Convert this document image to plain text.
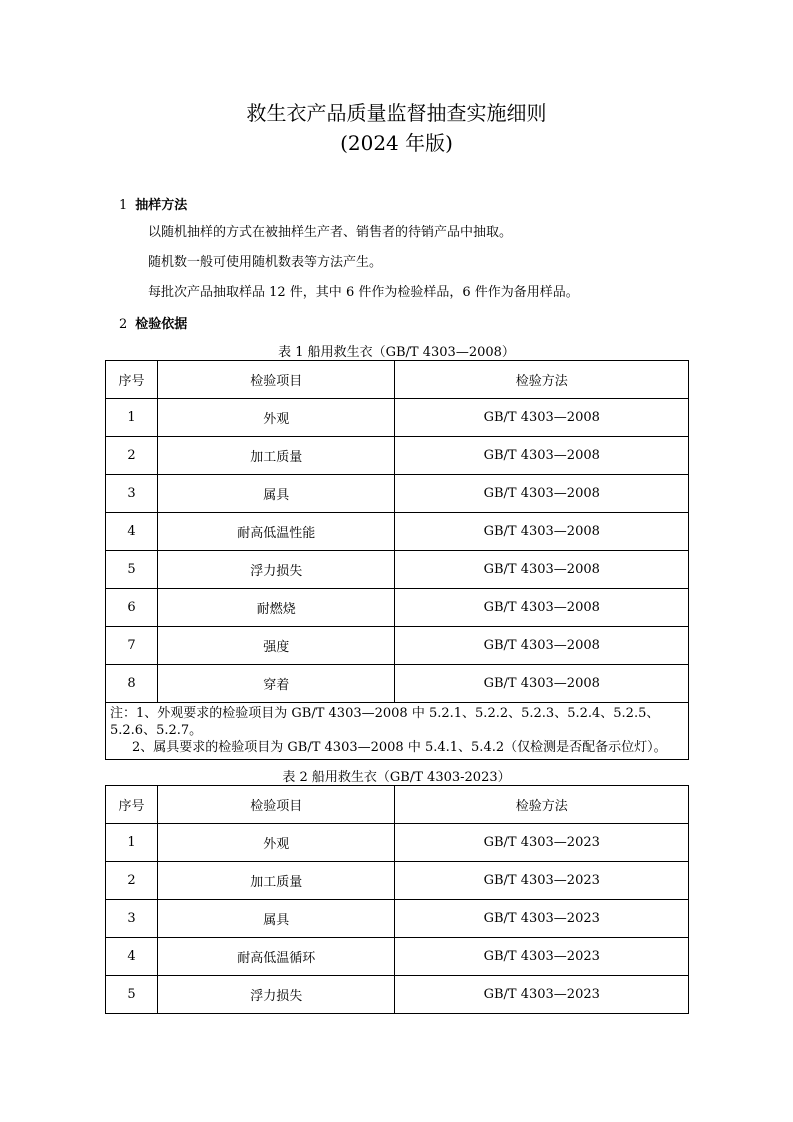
救生衣产品质量监督抽查实施细则
(2024 年版)
1 抽样方法
以随机抽样的方式在被抽样生产者、销售者的待销产品中抽取。
随机数一般可使用随机数表等方法产生。
每批次产品抽取样品 12 件，其中 6 件作为检验样品，6 件作为备用样品。
2 检验依据
表 1 船用救生衣（GB/T 4303—2008）
序号	检验项目	检验方法
1	外观	GB/T 4303—2008
2	加工质量	GB/T 4303—2008
3	属具	GB/T 4303—2008
4	耐高低温性能	GB/T 4303—2008
5	浮力损失	GB/T 4303—2008
6	耐燃烧	GB/T 4303—2008
7	强度	GB/T 4303—2008
8	穿着	GB/T 4303—2008

注：1、外观要求的检验项目为 GB/T 4303—2008 中 5.2.1、5.2.2、5.2.3、5.2.4、5.2.5、5.2.6、5.2.7。
2、属具要求的检验项目为 GB/T 4303—2008 中 5.4.1、5.4.2（仅检测是否配备示位灯）。		
表 2 船用救生衣（GB/T 4303-2023）
序号	检验项目	检验方法
1	外观	GB/T 4303—2023
2	加工质量	GB/T 4303—2023
3	属具	GB/T 4303—2023
4	耐高低温循环	GB/T 4303—2023
5	浮力损失	GB/T 4303—2023
